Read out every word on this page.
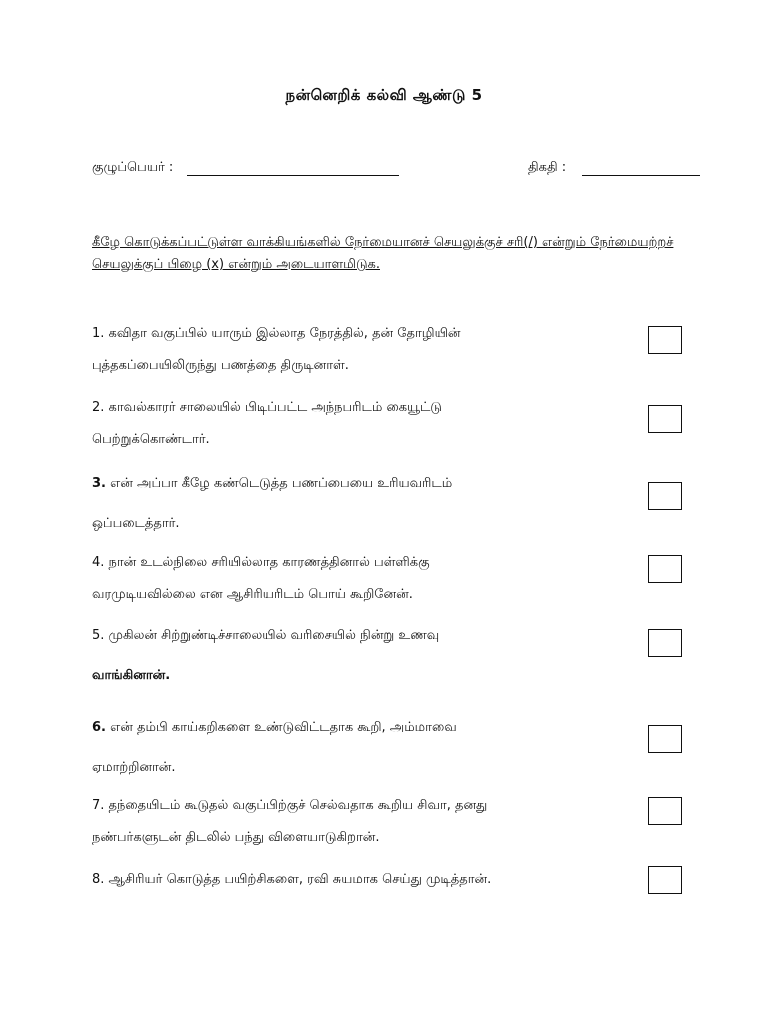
நன்னெறிக் கல்வி ஆண்டு 5
குழுப்பெயர் :	திகதி :
கீழே கொடுக்கப்பட்டுள்ள வாக்கியங்களில் நேர்மையானச் செயலுக்குச் சரி(/) என்றும் நேர்மையற்றச் செயலுக்குப் பிழை (x) என்றும் அடையாளமிடுக.
1. கவிதா வகுப்பில் யாரும் இல்லாத நேரத்தில், தன் தோழியின்
புத்தகப்பையிலிருந்து பணத்தை திருடினாள்.
2. காவல்காரர் சாலையில் பிடிப்பட்ட அந்நபரிடம் கையூட்டு
பெற்றுக்கொண்டார்.
3. என் அப்பா கீழே கண்டெடுத்த பணப்பையை உரியவரிடம்
ஒப்படைத்தார்.
4. நான் உடல்நிலை சரியில்லாத காரணத்தினால் பள்ளிக்கு
வரமுடியவில்லை என ஆசிரியரிடம் பொய் கூறினேன்.
5. முகிலன் சிற்றுண்டிச்சாலையில் வரிசையில் நின்று உணவு
வாங்கினான்.
6. என் தம்பி காய்கறிகளை உண்டுவிட்டதாக கூறி, அம்மாவை
ஏமாற்றினான்.
7. தந்தையிடம் கூடுதல் வகுப்பிற்குச் செல்வதாக கூறிய சிவா, தனது
நண்பர்களுடன் திடலில் பந்து விளையாடுகிறான்.
8. ஆசிரியர் கொடுத்த பயிற்சிகளை, ரவி சுயமாக செய்து முடித்தான்.
